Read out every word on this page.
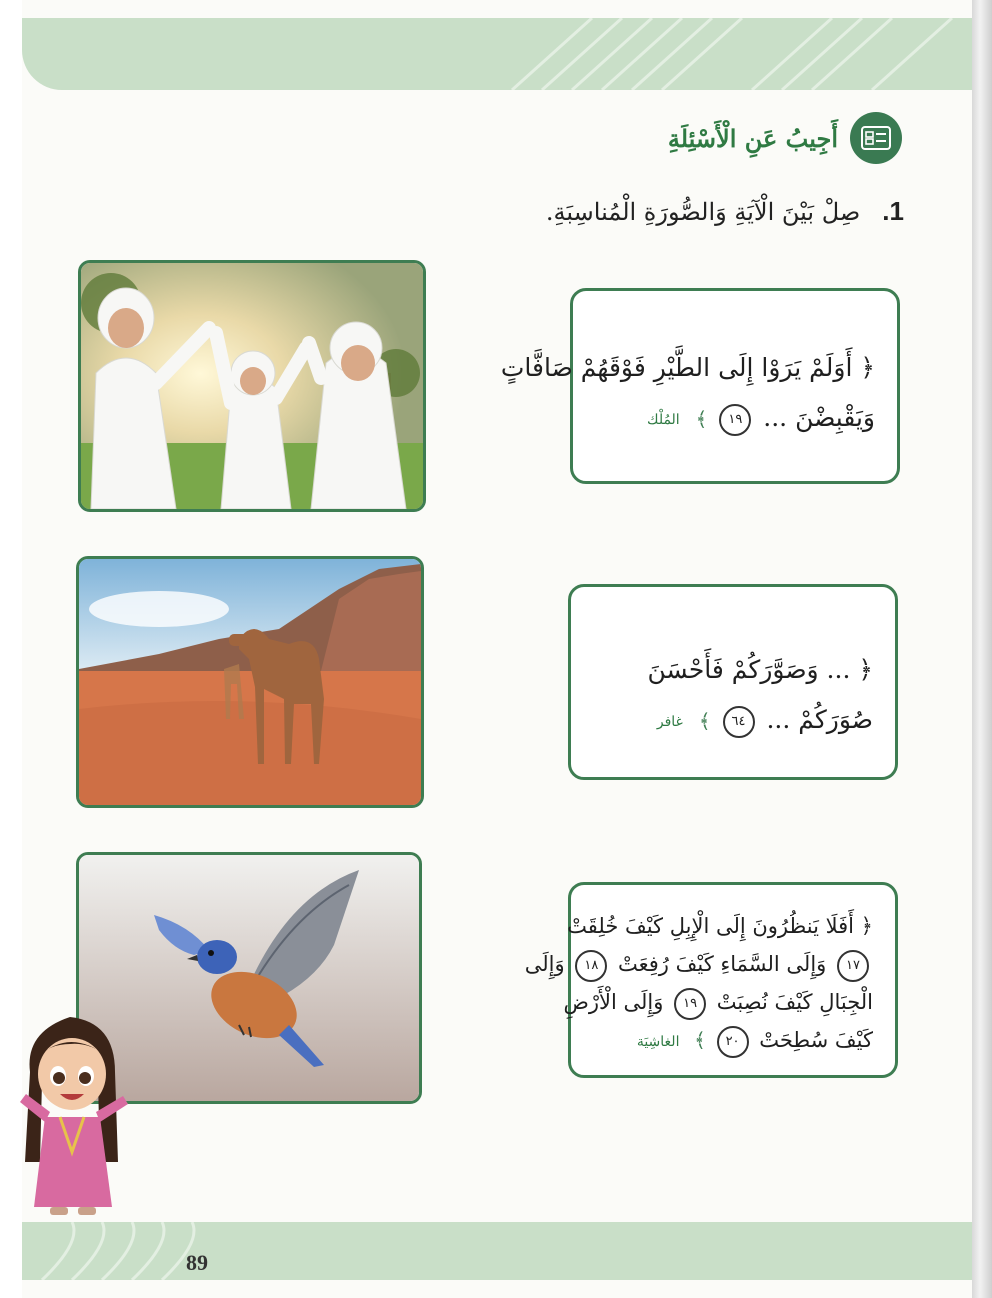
أَجِيبُ عَنِ الْأَسْئِلَةِ
1.
صِلْ بَيْنَ الْآيَةِ وَالصُّورَةِ الْمُناسِبَةِ.
﴿ أَوَلَمْ يَرَوْا إِلَى الطَّيْرِ فَوْقَهُمْ صَافَّاتٍ
وَيَقْبِضْنَ ... ١٩ ﴾ المُلْك
﴿ ... وَصَوَّرَكُمْ فَأَحْسَنَ
صُوَرَكُمْ ... ٦٤ ﴾ غافر
﴿ أَفَلَا يَنظُرُونَ إِلَى الْإِبِلِ كَيْفَ خُلِقَتْ
١٧ وَإِلَى السَّمَاءِ كَيْفَ رُفِعَتْ ١٨ وَإِلَى
الْجِبَالِ كَيْفَ نُصِبَتْ ١٩ وَإِلَى الْأَرْضِ
كَيْفَ سُطِحَتْ ٢٠ ﴾ الغاشِيَة
89
